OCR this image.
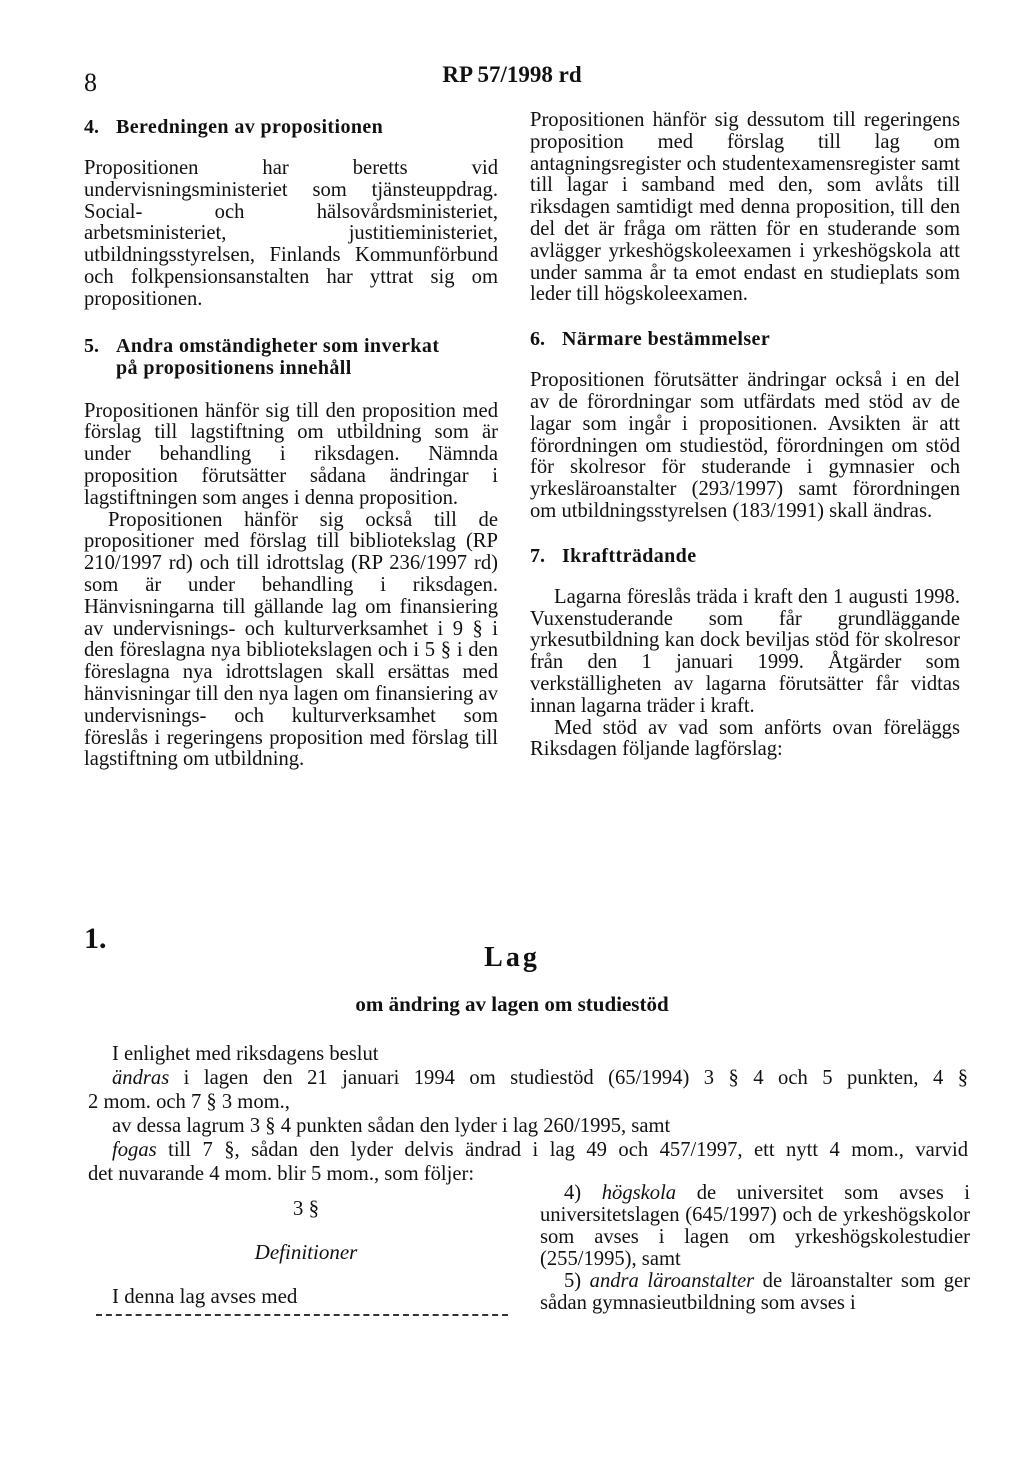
8	RP 57/1998 rd
4. Beredningen av propositionen

Propositionen har beretts vid undervisningsministeriet som tjänsteuppdrag. Social- och hälsovårdsministeriet, arbetsministeriet, justitieministeriet, utbildningsstyrelsen, Finlands Kommunförbund och folkpensionsanstalten har yttrat sig om propositionen.

5. Andra omständigheter som inverkat
på propositionens innehåll

Propositionen hänför sig till den proposition med förslag till lagstiftning om utbildning som är under behandling i riksdagen. Nämnda proposition förutsätter sådana ändringar i lagstiftningen som anges i denna proposition.

Propositionen hänför sig också till de propositioner med förslag till bibliotekslag (RP 210/1997 rd) och till idrottslag (RP 236/1997 rd) som är under behandling i riksdagen. Hänvisningarna till gällande lag om finansiering av undervisnings- och kulturverksamhet i 9 § i den föreslagna nya bibliotekslagen och i 5 § i den föreslagna nya idrottslagen skall ersättas med hänvisningar till den nya lagen om finansiering av undervisnings- och kulturverksamhet som föreslås i regeringens proposition med förslag till lagstiftning om utbildning.

Propositionen hänför sig dessutom till regeringens proposition med förslag till lag om antagningsregister och studentexamensregister samt till lagar i samband med den, som avlåts till riksdagen samtidigt med denna proposition, till den del det är fråga om rätten för en studerande som avlägger yrkeshögskoleexamen i yrkeshögskola att under samma år ta emot endast en studieplats som leder till högskoleexamen.

6. Närmare bestämmelser

Propositionen förutsätter ändringar också i en del av de förordningar som utfärdats med stöd av de lagar som ingår i propositionen. Avsikten är att förordningen om studiestöd, förordningen om stöd för skolresor för studerande i gymnasier och yrkesläroanstalter (293/1997) samt förordningen om utbildningsstyrelsen (183/1991) skall ändras.

7. Ikraftträdande

Lagarna föreslås träda i kraft den 1 augusti 1998. Vuxenstuderande som får grundläggande yrkesutbildning kan dock beviljas stöd för skolresor från den 1 januari 1999. Åtgärder som verkställigheten av lagarna förutsätter får vidtas innan lagarna träder i kraft.

Med stöd av vad som anförts ovan föreläggs Riksdagen följande lagförslag:

1.
Lag
om ändring av lagen om studiestöd
I enlighet med riksdagens beslut
ändras i lagen den 21 januari 1994 om studiestöd (65/1994) 3 § 4 och 5 punkten, 4 §
2 mom. och 7 § 3 mom.,
av dessa lagrum 3 § 4 punkten sådan den lyder i lag 260/1995, samt
fogas till 7 §, sådan den lyder delvis ändrad i lag 49 och 457/1997, ett nytt 4 mom., varvid
det nuvarande 4 mom. blir 5 mom., som följer:
3 §
Definitioner
I denna lag avses med

4) högskola de universitet som avses i universitetslagen (645/1997) och de yrkeshögskolor som avses i lagen om yrkeshögskolestudier (255/1995), samt

5) andra läroanstalter de läroanstalter som ger sådan gymnasieutbildning som avses i
